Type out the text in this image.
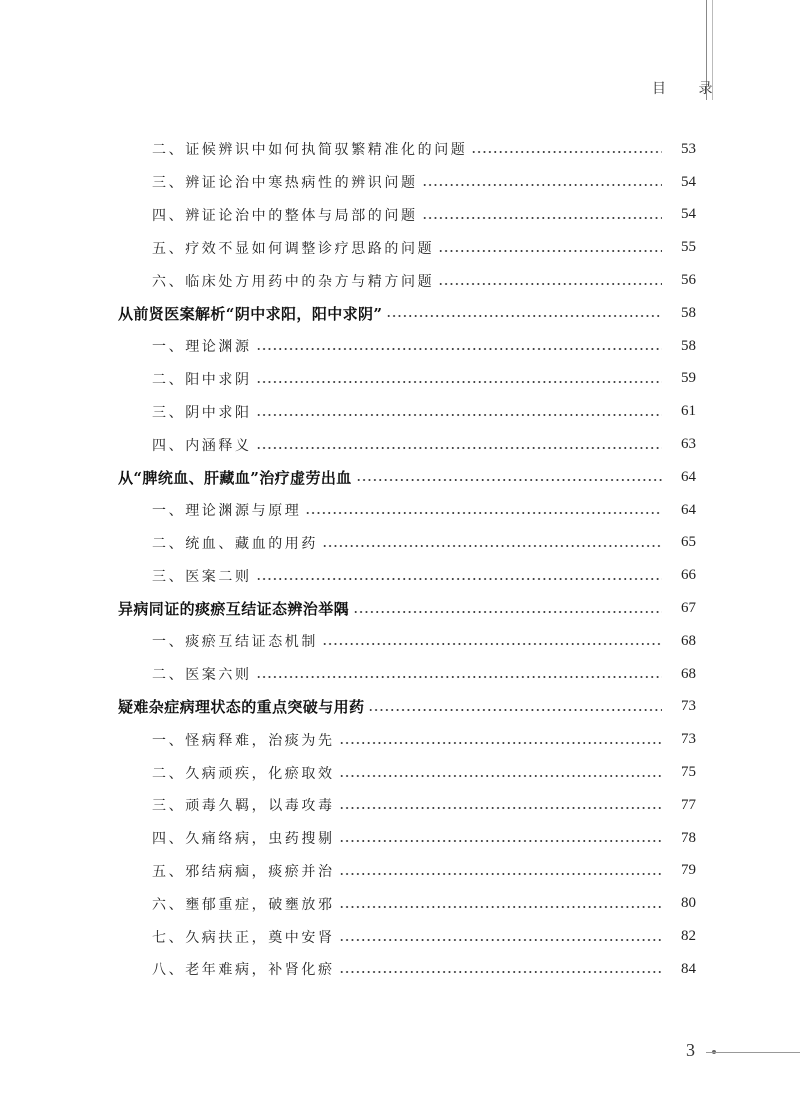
目 录
二、证候辨识中如何执简驭繁精准化的问题	53
三、辨证论治中寒热病性的辨识问题	54
四、辨证论治中的整体与局部的问题	54
五、疗效不显如何调整诊疗思路的问题	55
六、临床处方用药中的杂方与精方问题	56
从前贤医案解析“阴中求阳，阳中求阴”	58
一、理论渊源	58
二、阳中求阴	59
三、阴中求阳	61
四、内涵释义	63
从“脾统血、肝藏血”治疗虚劳出血	64
一、理论渊源与原理	64
二、统血、藏血的用药	65
三、医案二则	66
异病同证的痰瘀互结证态辨治举隅	67
一、痰瘀互结证态机制	68
二、医案六则	68
疑难杂症病理状态的重点突破与用药	73
一、怪病释难，治痰为先	73
二、久病顽疾，化瘀取效	75
三、顽毒久羁，以毒攻毒	77
四、久痛络病，虫药搜剔	78
五、邪结病痼，痰瘀并治	79
六、壅郁重症，破壅放邪	80
七、久病扶正，奠中安肾	82
八、老年难病，补肾化瘀	84
3
